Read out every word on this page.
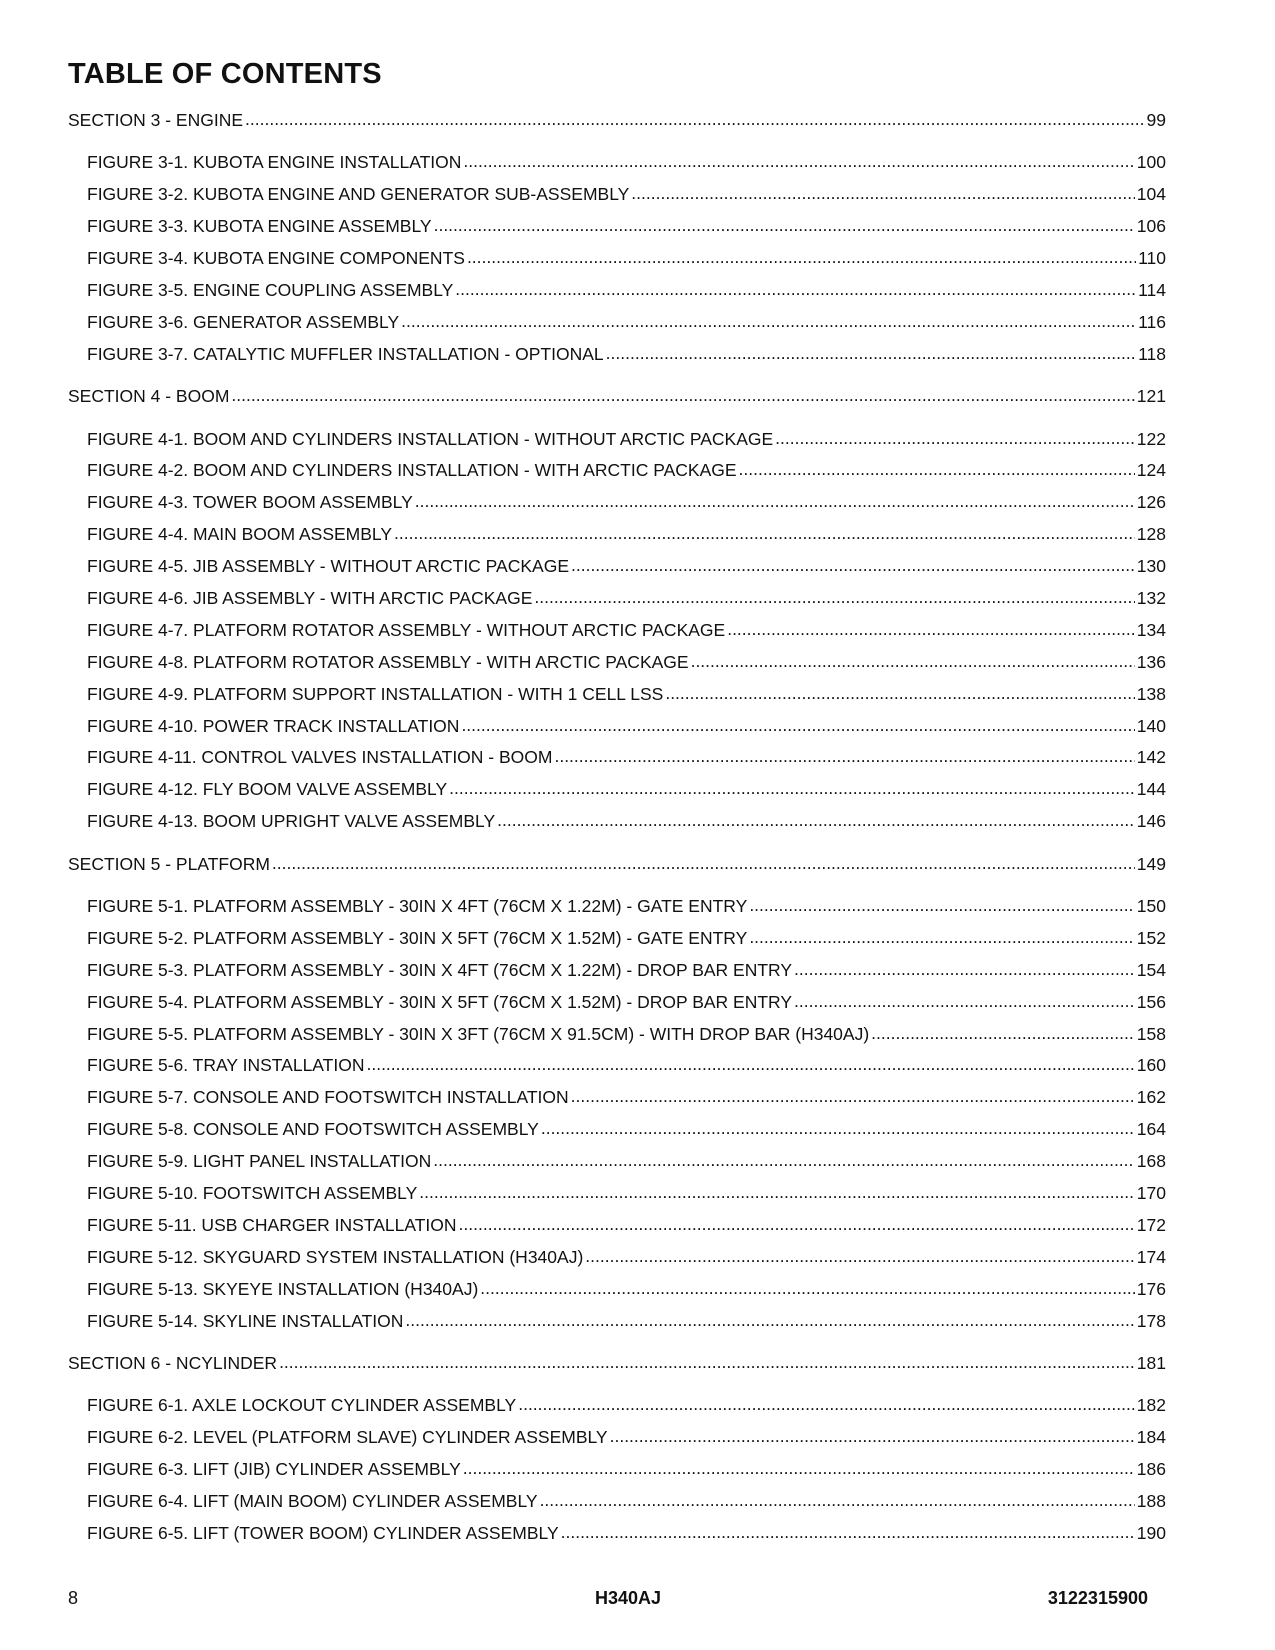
TABLE OF CONTENTS
SECTION 3 - ENGINE .....	99
FIGURE 3-1. KUBOTA ENGINE INSTALLATION .....	100
FIGURE 3-2. KUBOTA ENGINE AND GENERATOR SUB-ASSEMBLY .....	104
FIGURE 3-3. KUBOTA ENGINE ASSEMBLY .....	106
FIGURE 3-4. KUBOTA ENGINE COMPONENTS .....	110
FIGURE 3-5. ENGINE COUPLING ASSEMBLY .....	114
FIGURE 3-6. GENERATOR ASSEMBLY .....	116
FIGURE 3-7. CATALYTIC MUFFLER INSTALLATION - OPTIONAL .....	118
SECTION 4 - BOOM .....	121
FIGURE 4-1. BOOM AND CYLINDERS INSTALLATION - WITHOUT ARCTIC PACKAGE .....	122
FIGURE 4-2. BOOM AND CYLINDERS INSTALLATION - WITH ARCTIC PACKAGE .....	124
FIGURE 4-3. TOWER BOOM ASSEMBLY .....	126
FIGURE 4-4. MAIN BOOM ASSEMBLY .....	128
FIGURE 4-5. JIB ASSEMBLY - WITHOUT ARCTIC PACKAGE .....	130
FIGURE 4-6. JIB ASSEMBLY - WITH ARCTIC PACKAGE .....	132
FIGURE 4-7. PLATFORM ROTATOR ASSEMBLY - WITHOUT ARCTIC PACKAGE .....	134
FIGURE 4-8. PLATFORM ROTATOR ASSEMBLY - WITH ARCTIC PACKAGE .....	136
FIGURE 4-9. PLATFORM SUPPORT INSTALLATION - WITH 1 CELL LSS .....	138
FIGURE 4-10. POWER TRACK INSTALLATION .....	140
FIGURE 4-11. CONTROL VALVES INSTALLATION - BOOM .....	142
FIGURE 4-12. FLY BOOM VALVE ASSEMBLY .....	144
FIGURE 4-13. BOOM UPRIGHT VALVE ASSEMBLY .....	146
SECTION 5 - PLATFORM .....	149
FIGURE 5-1. PLATFORM ASSEMBLY - 30IN X 4FT (76CM X 1.22M) - GATE ENTRY .....	150
FIGURE 5-2. PLATFORM ASSEMBLY - 30IN X 5FT (76CM X 1.52M) - GATE ENTRY .....	152
FIGURE 5-3. PLATFORM ASSEMBLY - 30IN X 4FT (76CM X 1.22M) - DROP BAR ENTRY .....	154
FIGURE 5-4. PLATFORM ASSEMBLY - 30IN X 5FT (76CM X 1.52M) - DROP BAR ENTRY .....	156
FIGURE 5-5. PLATFORM ASSEMBLY - 30IN X 3FT (76CM X 91.5CM) - WITH DROP BAR (H340AJ) .....	158
FIGURE 5-6. TRAY INSTALLATION .....	160
FIGURE 5-7. CONSOLE AND FOOTSWITCH INSTALLATION .....	162
FIGURE 5-8. CONSOLE AND FOOTSWITCH ASSEMBLY .....	164
FIGURE 5-9. LIGHT PANEL INSTALLATION .....	168
FIGURE 5-10. FOOTSWITCH ASSEMBLY .....	170
FIGURE 5-11. USB CHARGER INSTALLATION .....	172
FIGURE 5-12. SKYGUARD SYSTEM INSTALLATION (H340AJ) .....	174
FIGURE 5-13. SKYEYE INSTALLATION (H340AJ) .....	176
FIGURE 5-14. SKYLINE INSTALLATION .....	178
SECTION 6 - NCYLINDER .....	181
FIGURE 6-1. AXLE LOCKOUT CYLINDER ASSEMBLY .....	182
FIGURE 6-2. LEVEL (PLATFORM SLAVE) CYLINDER ASSEMBLY .....	184
FIGURE 6-3. LIFT (JIB) CYLINDER ASSEMBLY .....	186
FIGURE 6-4. LIFT (MAIN BOOM) CYLINDER ASSEMBLY .....	188
FIGURE 6-5. LIFT (TOWER BOOM) CYLINDER ASSEMBLY .....	190
8	H340AJ	3122315900
